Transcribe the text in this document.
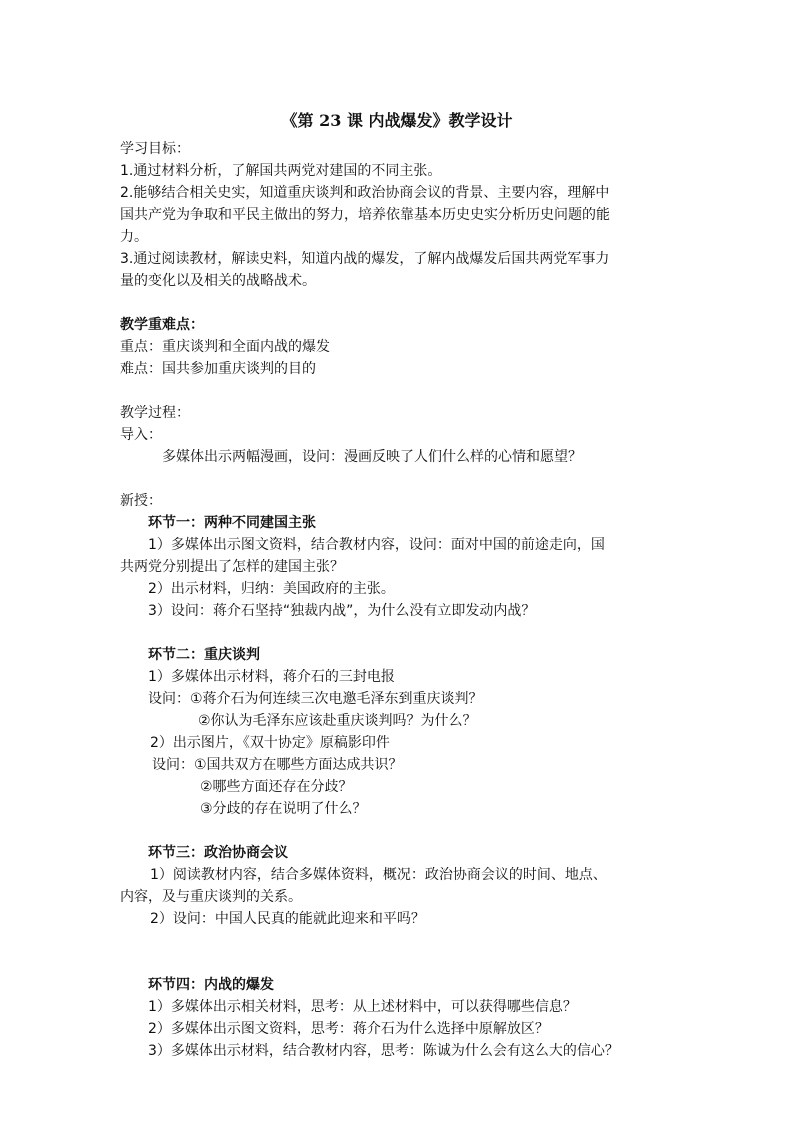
《第 23 课 内战爆发》教学设计
学习目标：
1.通过材料分析，了解国共两党对建国的不同主张。
2.能够结合相关史实，知道重庆谈判和政治协商会议的背景、主要内容，理解中
国共产党为争取和平民主做出的努力，培养依靠基本历史史实分析历史问题的能
力。
3.通过阅读教材，解读史料，知道内战的爆发，了解内战爆发后国共两党军事力
量的变化以及相关的战略战术。
教学重难点：
重点：重庆谈判和全面内战的爆发
难点：国共参加重庆谈判的目的
教学过程：
导入：
多媒体出示两幅漫画，设问：漫画反映了人们什么样的心情和愿望？
新授：
环节一：两种不同建国主张
1）多媒体出示图文资料，结合教材内容，设问：面对中国的前途走向，国
共两党分别提出了怎样的建国主张？
2）出示材料，归纳：美国政府的主张。
3）设问：蒋介石坚持“独裁内战”，为什么没有立即发动内战？
环节二：重庆谈判
1）多媒体出示材料，蒋介石的三封电报
设问：①蒋介石为何连续三次电邀毛泽东到重庆谈判？
②你认为毛泽东应该赴重庆谈判吗？为什么？
2）出示图片，《双十协定》原稿影印件
设问：①国共双方在哪些方面达成共识？
②哪些方面还存在分歧？
③分歧的存在说明了什么？
环节三：政治协商会议
1）阅读教材内容，结合多媒体资料，概况：政治协商会议的时间、地点、
内容，及与重庆谈判的关系。
2）设问：中国人民真的能就此迎来和平吗？
环节四：内战的爆发
1）多媒体出示相关材料，思考：从上述材料中，可以获得哪些信息？
2）多媒体出示图文资料，思考：蒋介石为什么选择中原解放区？
3）多媒体出示材料，结合教材内容，思考：陈诚为什么会有这么大的信心？
